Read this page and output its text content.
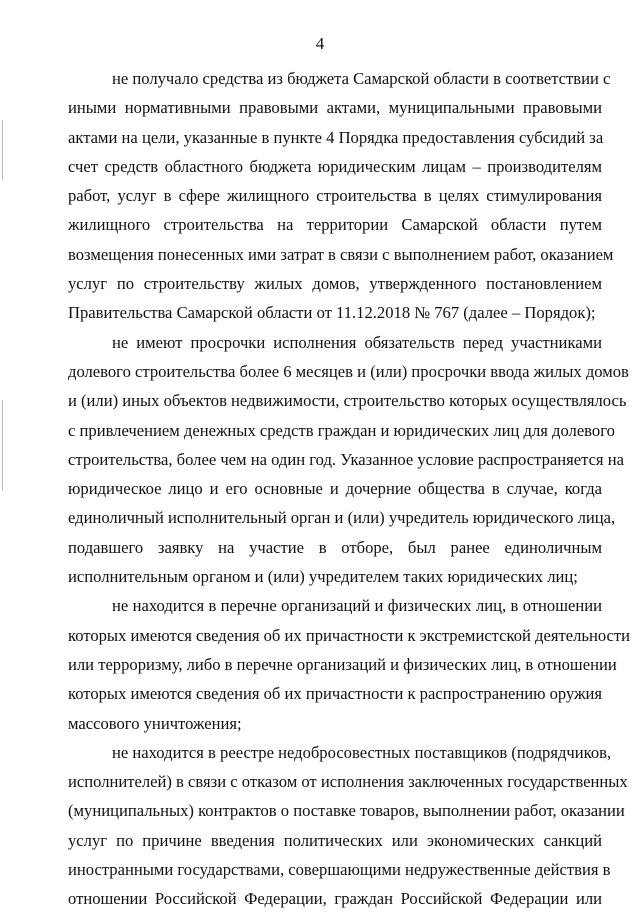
4
не получало средства из бюджета Самарской области в соответствии с
иными нормативными правовыми актами, муниципальными правовыми
актами на цели, указанные в пункте 4 Порядка предоставления субсидий за
счет средств областного бюджета юридическим лицам – производителям
работ, услуг в сфере жилищного строительства в целях стимулирования
жилищного строительства на территории Самарской области путем
возмещения понесенных ими затрат в связи с выполнением работ, оказанием
услуг по строительству жилых домов, утвержденного постановлением
Правительства Самарской области от 11.12.2018 № 767 (далее – Порядок);
не имеют просрочки исполнения обязательств перед участниками
долевого строительства более 6 месяцев и (или) просрочки ввода жилых домов
и (или) иных объектов недвижимости, строительство которых осуществлялось
с привлечением денежных средств граждан и юридических лиц для долевого
строительства, более чем на один год. Указанное условие распространяется на
юридическое лицо и его основные и дочерние общества в случае, когда
единоличный исполнительный орган и (или) учредитель юридического лица,
подавшего заявку на участие в отборе, был ранее единоличным
исполнительным органом и (или) учредителем таких юридических лиц;
не находится в перечне организаций и физических лиц, в отношении
которых имеются сведения об их причастности к экстремистской деятельности
или терроризму, либо в перечне организаций и физических лиц, в отношении
которых имеются сведения об их причастности к распространению оружия
массового уничтожения;
не находится в реестре недобросовестных поставщиков (подрядчиков,
исполнителей) в связи с отказом от исполнения заключенных государственных
(муниципальных) контрактов о поставке товаров, выполнении работ, оказании
услуг по причине введения политических или экономических санкций
иностранными государствами, совершающими недружественные действия в
отношении Российской Федерации, граждан Российской Федерации или
